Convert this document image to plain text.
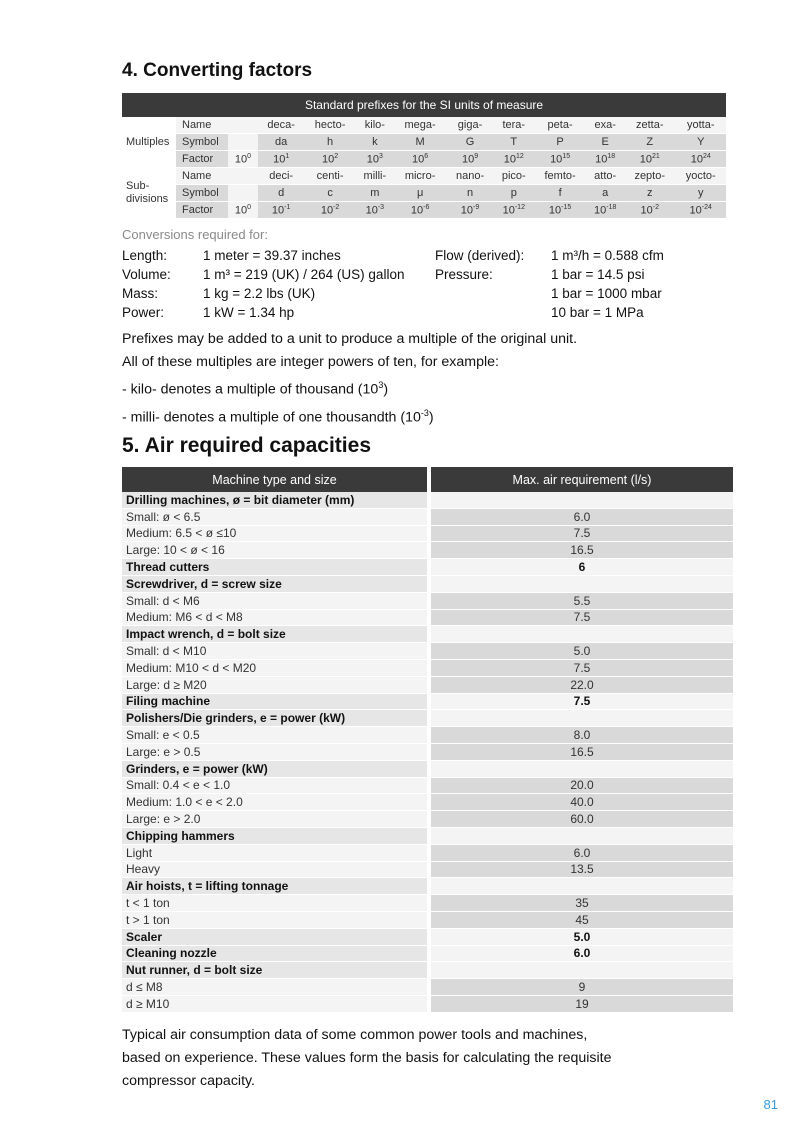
4. Converting factors
Standard prefixes for the SI units of measure												
Multiples	Name		deca-	hecto-	kilo-	mega-	giga-	tera-	peta-	exa-	zetta-	yotta-
	Symbol		da	h	k	M	G	T	P	E	Z	Y
	Factor	$10^0$	$10^1$	$10^2$	$10^3$	$10^6$	$10^9$	$10^{12}$	$10^{15}$	$10^{18}$	$10^{21}$	$10^{24}$

Sub-
divisions	Name		deci-	centi-	milli-	micro-	nano-	pico-	femto-	atto-	zepto-	yocto-
	Symbol		d	c	m	μ	n	p	f	a	z	y
	Factor	$10^0$	$10^{-1}$	$10^{-2}$	$10^{-3}$	$10^{-6}$	$10^{-9}$	$10^{-12}$	$10^{-15}$	$10^{-18}$	$10^{-2}$	$10^{-24}$
Conversions required for:
Length:	1 meter = 39.37 inches
Volume: 1 m³ = 219 (UK) / 264 (US) gallon
Mass:	1 kg = 2.2 lbs (UK)
Power:	1 kW = 1.34 hp
Flow (derived): 1 m³/h = 0.588 cfm
Pressure:	1 bar = 14.5 psi
1 bar = 1000 mbar
10 bar = 1 MPa
Prefixes may be added to a unit to produce a multiple of the original unit.
All of these multiples are integer powers of ten, for example:
- kilo- denotes a multiple of thousand $(10^3)$
- milli- denotes a multiple of one thousandth $(10^{-3})$
5. Air required capacities
Machine type and size		Max. air requirement (l/s)
Drilling machines, ø = bit diameter (mm)		
Small: ø < 6.5		6.0
Medium: 6.5 < ø ≤10		7.5
Large: 10 < ø < 16		16.5
Thread cutters		6
Screwdriver, d = screw size		
Small: d < M6		5.5
Medium: M6 < d < M8		7.5
Impact wrench, d = bolt size		
Small: d < M10		5.0
Medium: M10 < d < M20		7.5
Large: d ≥ M20		22.0
Filing machine		7.5
Polishers/Die grinders, e = power (kW)		
Small: e < 0.5		8.0
Large: e > 0.5		16.5
Grinders, e = power (kW)		
Small: 0.4 < e < 1.0		20.0
Medium: 1.0 < e < 2.0		40.0
Large: e > 2.0		60.0
Chipping hammers		
Light		6.0
Heavy		13.5
Air hoists, t = lifting tonnage		
t < 1 ton		35
t > 1 ton		45
Scaler		5.0
Cleaning nozzle		6.0
Nut runner, d = bolt size		
d ≤ M8		9
d ≥ M10		19
Typical air consumption data of some common power tools and machines,
based on experience. These values form the basis for calculating the requisite
compressor capacity.
81
